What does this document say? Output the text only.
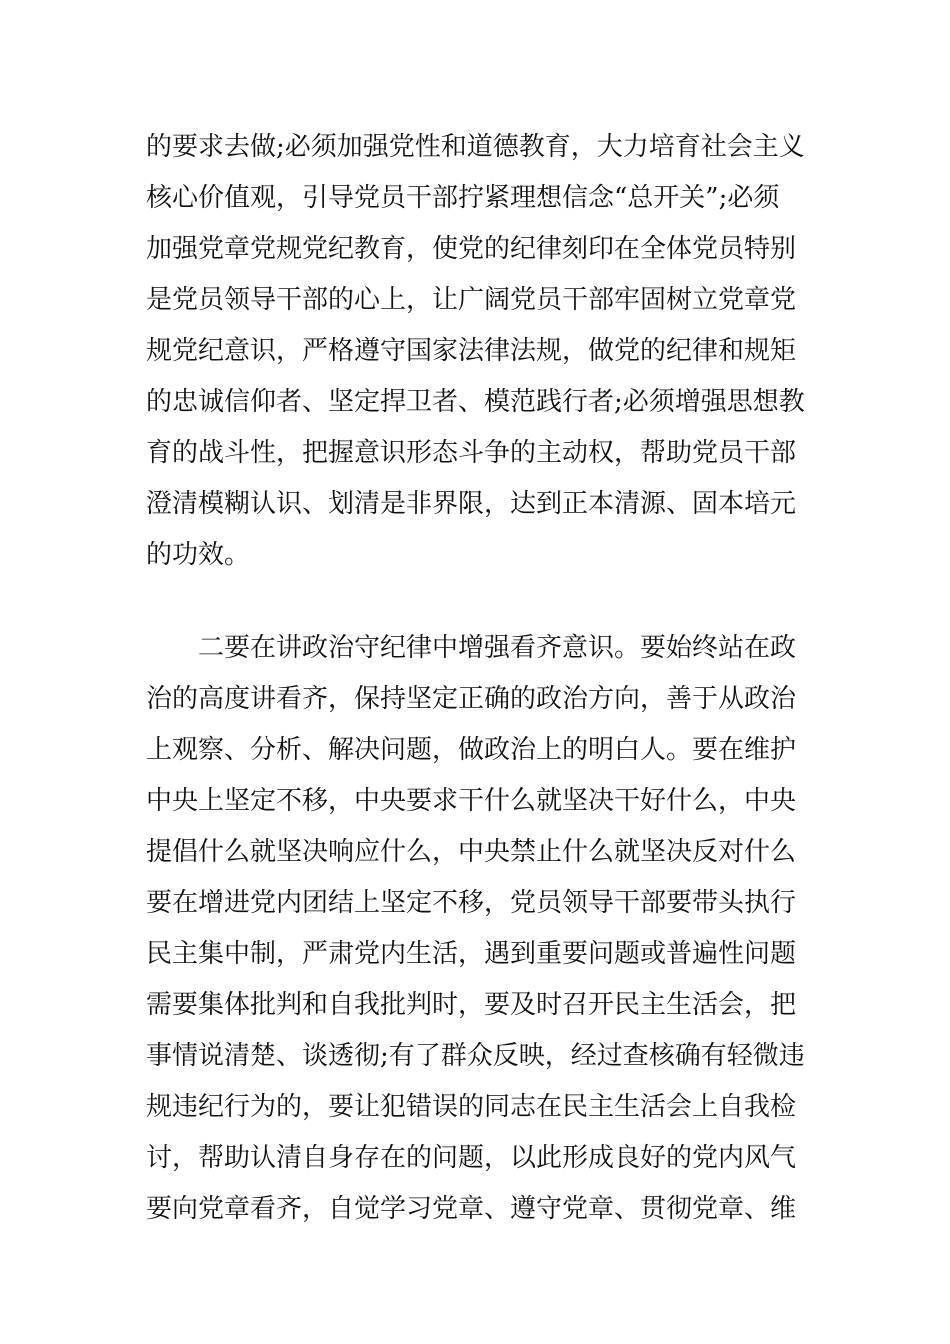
的要求去做;必须加强党性和道德教育，大力培育社会主义
核心价值观，引导党员干部拧紧理想信念“总开关”;必须
加强党章党规党纪教育，使党的纪律刻印在全体党员特别
是党员领导干部的心上，让广阔党员干部牢固树立党章党
规党纪意识，严格遵守国家法律法规，做党的纪律和规矩
的忠诚信仰者、坚定捍卫者、模范践行者;必须增强思想教
育的战斗性，把握意识形态斗争的主动权，帮助党员干部
澄清模糊认识、划清是非界限，达到正本清源、固本培元
的功效。
二要在讲政治守纪律中增强看齐意识。要始终站在政
治的高度讲看齐，保持坚定正确的政治方向，善于从政治
上观察、分析、解决问题，做政治上的明白人。要在维护
中央上坚定不移，中央要求干什么就坚决干好什么，中央
提倡什么就坚决响应什么，中央禁止什么就坚决反对什么
要在增进党内团结上坚定不移，党员领导干部要带头执行
民主集中制，严肃党内生活，遇到重要问题或普遍性问题
需要集体批判和自我批判时，要及时召开民主生活会，把
事情说清楚、谈透彻;有了群众反映，经过查核确有轻微违
规违纪行为的，要让犯错误的同志在民主生活会上自我检
讨，帮助认清自身存在的问题，以此形成良好的党内风气
要向党章看齐，自觉学习党章、遵守党章、贯彻党章、维
